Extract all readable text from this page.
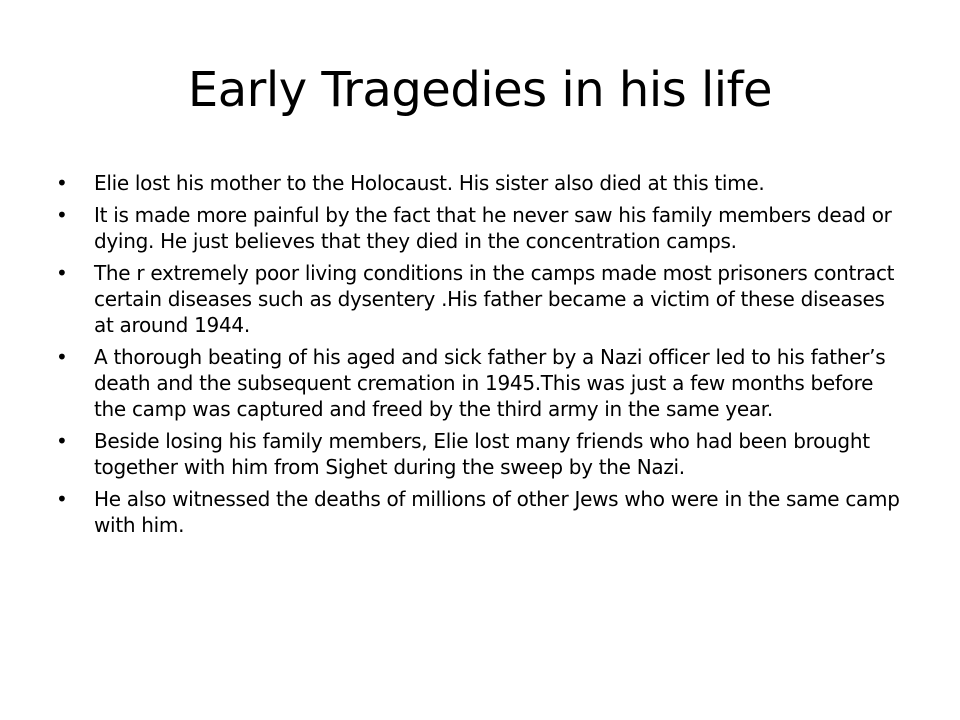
Early Tragedies in his life
•	Elie lost his mother to the Holocaust. His sister also died at this time.
•	It is made more painful by the fact that he never saw his family members dead or dying. He just believes that they died in the concentration camps.
•	The r extremely poor living conditions in the camps made most prisoners contract certain diseases such as dysentery .His father became a victim of these diseases at around 1944.
•	A thorough beating of his aged and sick father by a Nazi officer led to his father’s death and the subsequent cremation in 1945.This was just a few months before the camp was captured and freed by the third army in the same year.
•	Beside losing his family members, Elie lost many friends who had been brought together with him from Sighet during the sweep by the Nazi.
•	He also witnessed the deaths of millions of other Jews who were in the same camp with him.
